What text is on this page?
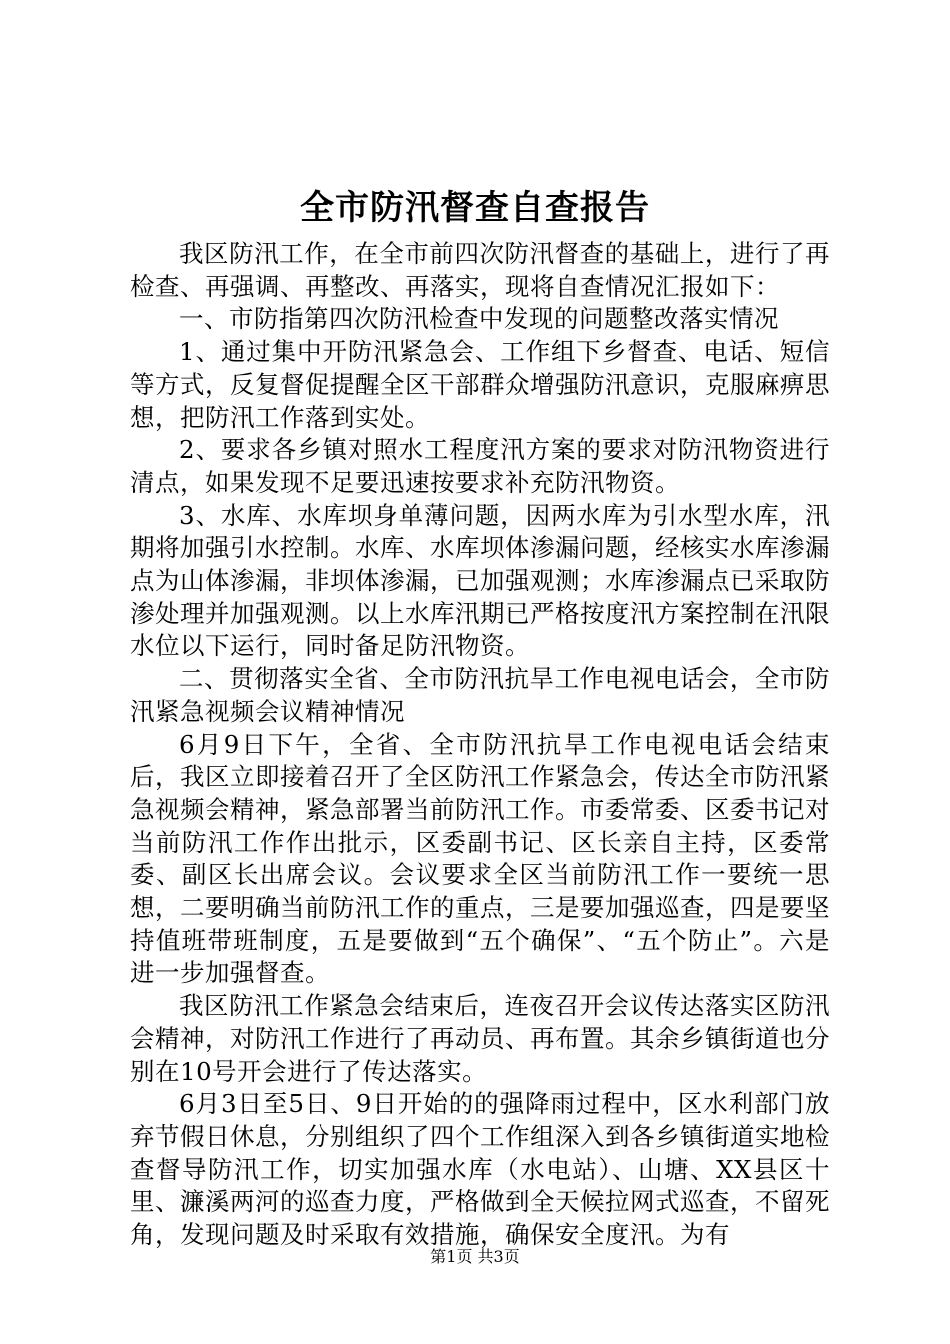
全市防汛督查自查报告

我区防汛工作，在全市前四次防汛督查的基础上，进行了再检查、再强调、再整改、再落实，现将自查情况汇报如下：

一、市防指第四次防汛检查中发现的问题整改落实情况

1、通过集中开防汛紧急会、工作组下乡督查、电话、短信等方式，反复督促提醒全区干部群众增强防汛意识，克服麻痹思想，把防汛工作落到实处。

2、要求各乡镇对照水工程度汛方案的要求对防汛物资进行清点，如果发现不足要迅速按要求补充防汛物资。

3、水库、水库坝身单薄问题，因两水库为引水型水库，汛期将加强引水控制。水库、水库坝体渗漏问题，经核实水库渗漏点为山体渗漏，非坝体渗漏，已加强观测；水库渗漏点已采取防渗处理并加强观测。以上水库汛期已严格按度汛方案控制在汛限水位以下运行，同时备足防汛物资。

二、贯彻落实全省、全市防汛抗旱工作电视电话会，全市防汛紧急视频会议精神情况

6月9日下午，全省、全市防汛抗旱工作电视电话会结束后，我区立即接着召开了全区防汛工作紧急会，传达全市防汛紧急视频会精神，紧急部署当前防汛工作。市委常委、区委书记对当前防汛工作作出批示，区委副书记、区长亲自主持，区委常委、副区长出席会议。会议要求全区当前防汛工作一要统一思想，二要明确当前防汛工作的重点，三是要加强巡查，四是要坚持值班带班制度，五是要做到“五个确保”、“五个防止”。六是进一步加强督查。

我区防汛工作紧急会结束后，连夜召开会议传达落实区防汛会精神，对防汛工作进行了再动员、再布置。其余乡镇街道也分别在10号开会进行了传达落实。

6月3日至5日、9日开始的的强降雨过程中，区水利部门放弃节假日休息，分别组织了四个工作组深入到各乡镇街道实地检查督导防汛工作，切实加强水库（水电站）、山塘、XX县区十里、濂溪两河的巡查力度，严格做到全天候拉网式巡查，不留死角，发现问题及时采取有效措施，确保安全度汛。为有

第1页 共3页
